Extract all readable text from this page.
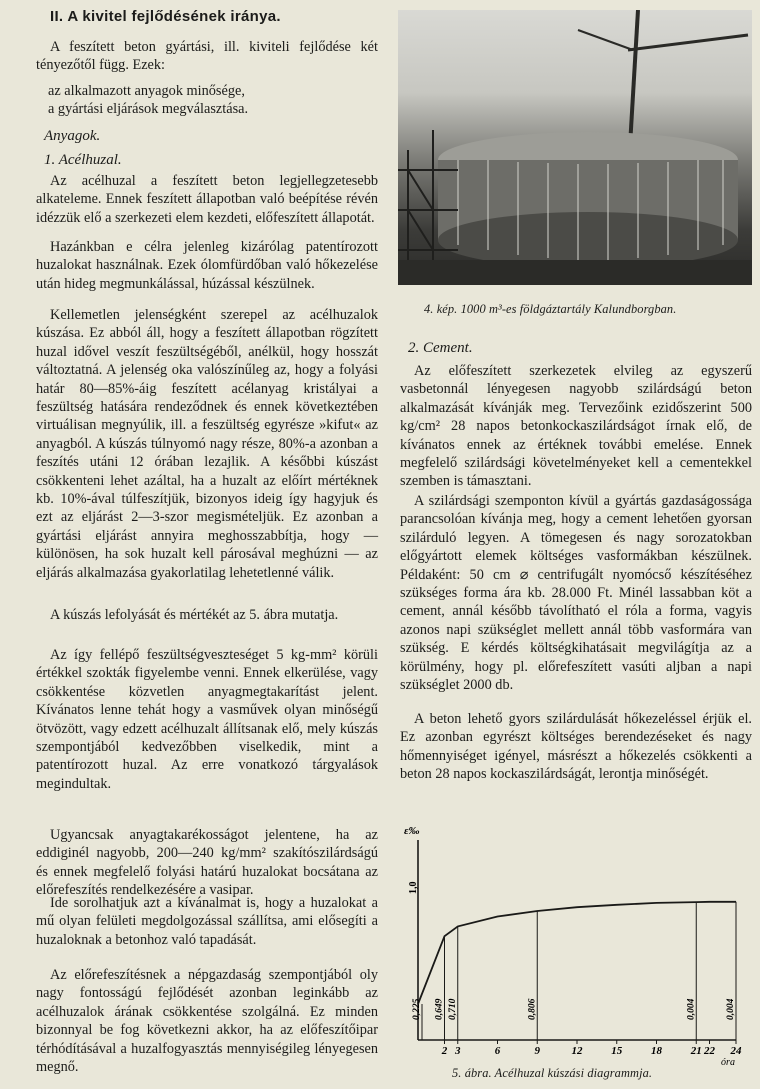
II. A kivitel fejlődésének iránya.

A feszített beton gyártási, ill. kiviteli fejlődése két tényezőtől függ. Ezek:

az alkalmazott anyagok minősége,

a gyártási eljárások megválasztása.

Anyagok.
1. Acélhuzal.

Az acélhuzal a feszített beton legjellegzetesebb alkateleme. Ennek feszített állapotban való beépítése révén idézzük elő a szerkezeti elem kezdeti, előfeszített állapotát.

Hazánkban e célra jelenleg kizárólag patentírozott huzalokat használnak. Ezek ólomfürdőban való hőkezelése után hideg megmunkálással, húzással készülnek.

Kellemetlen jelenségként szerepel az acélhuzalok kúszása. Ez abból áll, hogy a feszített állapotban rögzített huzal idővel veszít feszültségéből, anélkül, hogy hosszát változtatná. A jelenség oka valószínűleg az, hogy a folyási határ 80—85%-áig feszített acélanyag kristályai a feszültség hatására rendeződnek és ennek következtében virtuálisan megnyúlik, ill. a feszültség egyrésze »kifut« az anyagból. A kúszás túlnyomó nagy része, 80%-a azonban a feszítés utáni 12 órában lezajlik. A későbbi kúszást csökkenteni lehet azáltal, ha a huzalt az előírt mértéknek kb. 10%-ával túlfeszítjük, bizonyos ideig így hagyjuk és ezt az eljárást 2—3-szor megismételjük. Ez azonban a gyártási eljárást annyira meghosszabbítja, hogy — különösen, ha sok huzalt kell párosával meghúzni — az eljárás alkalmazása gyakorlatilag lehetetlenné válik.

A kúszás lefolyását és mértékét az 5. ábra mutatja.

Az így fellépő feszültségveszteséget 5 kg-mm² körüli értékkel szokták figyelembe venni. Ennek elkerülése, vagy csökkentése közvetlen anyagmegtakarítást jelent. Kívánatos lenne tehát hogy a vasművek olyan minőségű ötvözött, vagy edzett acélhuzalt állítsanak elő, mely kúszás szempontjából kedvezőbben viselkedik, mint a patentírozott huzal. Az erre vonatkozó tárgyalások megindultak.

Ugyancsak anyagtakarékosságot jelentene, ha az eddiginél nagyobb, 200—240 kg/mm² szakítószilárdságú és ennek megfelelő folyási határú huzalokat bocsátana az előrefeszítés rendelkezésére a vasipar.

Ide sorolhatjuk azt a kívánalmat is, hogy a huzalokat a mű olyan felületi megdolgozással szállítsa, ami elősegíti a huzaloknak a betonhoz való tapadását.

Az előrefeszítésnek a népgazdaság szempontjából oly nagy fontosságú fejlődését azonban leginkább az acélhuzalok árának csökkentése szolgálná. Ez minden bizonnyal be fog következni akkor, ha az előfeszítőipar térhódításával a huzalfogyasztás mennyiségileg lényegesen megnő.

4. kép. 1000 m³-es földgáztartály Kalundborgban.
2. Cement.

Az előfeszített szerkezetek elvileg az egyszerű vasbetonnál lényegesen nagyobb szilárdságú beton alkalmazását kívánják meg. Tervezőink ezidőszerint 500 kg/cm² 28 napos betonkockaszilárdságot írnak elő, de kívánatos ennek az értéknek további emelése. Ennek megfelelő szilárdsági követelményeket kell a cementekkel szemben is támasztani.

A szilárdsági szemponton kívül a gyártás gazdaságossága parancsolóan kívánja meg, hogy a cement lehetően gyorsan szilárduló legyen. A tömegesen és nagy sorozatokban előgyártott elemek költséges vasformákban készülnek. Példaként: 50 cm ⌀ centrifugált nyomócső készítéséhez szükséges forma ára kb. 28.000 Ft. Minél lassabban köt a cement, annál később távolítható el róla a forma, vagyis azonos napi szükséglet mellett annál több vasformára van szükség. E kérdés költségkihatásait megvilágítja az a körülmény, hogy pl. előrefeszített vasúti aljban a napi szükséglet 2000 db.

A beton lehető gyors szilárdulását hőkezeléssel érjük el. Ez azonban egyrészt költséges berendezéseket és nagy hőmennyiséget igényel, másrészt a hőkezelés csökkenti a beton 28 napos kockaszilárdságát, lerontja minőségét.

ε‰
1,0
2 3	6	9	12	15	18	21 22 24
óra
0,225 0,649 0,710	0,806	0,004	0,004
5. ábra. Acélhuzal kúszási diagrammja.
